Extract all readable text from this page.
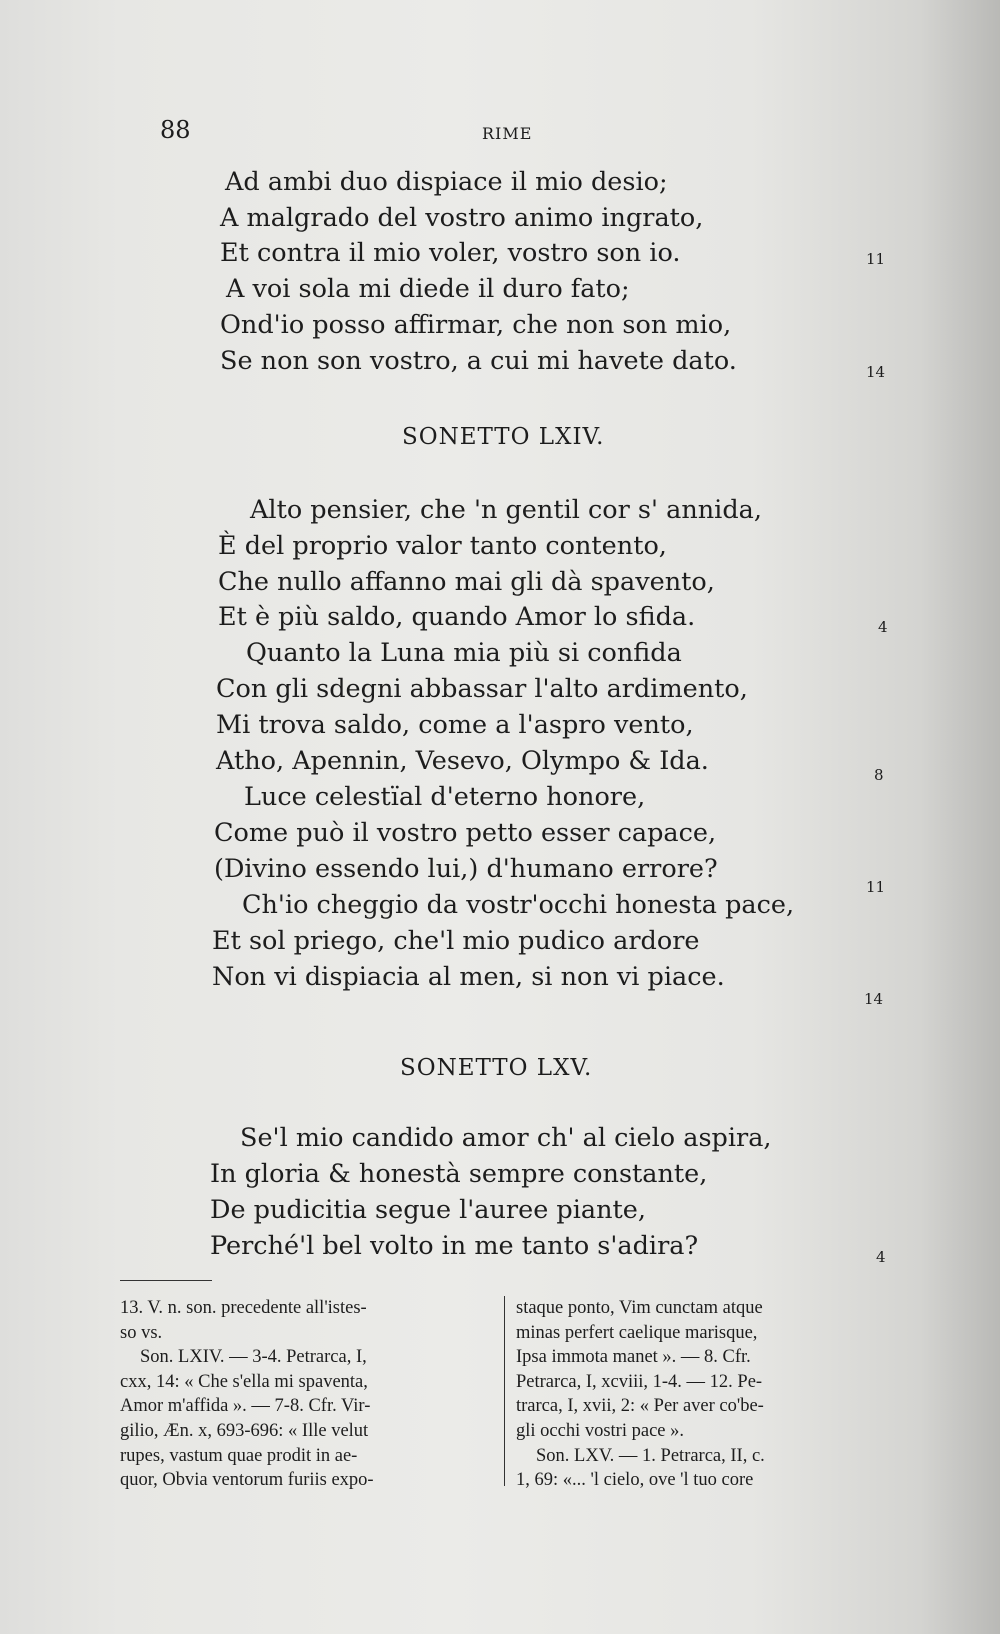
88	RIME
Ad ambi duo dispiace il mio desio;
A malgrado del vostro animo ingrato,
Et contra il mio voler, vostro son io.
A voi sola mi diede il duro fato;
Ond'io posso affirmar, che non son mio,
Se non son vostro, a cui mi havete dato.
11
14
SONETTO LXIV.
Alto pensier, che 'n gentil cor s' annida,
È del proprio valor tanto contento,
Che nullo affanno mai gli dà spavento,
Et è più saldo, quando Amor lo sfida.
Quanto la Luna mia più si confida
Con gli sdegni abbassar l'alto ardimento,
Mi trova saldo, come a l'aspro vento,
Atho, Apennin, Vesevo, Olympo & Ida.
Luce celestïal d'eterno honore,
Come può il vostro petto esser capace,
(Divino essendo lui,) d'humano errore?
Ch'io cheggio da vostr'occhi honesta pace,
Et sol priego, che'l mio pudico ardore
Non vi dispiacia al men, si non vi piace.
4
8
11
14
SONETTO LXV.
Se'l mio candido amor ch' al cielo aspira,
In gloria & honestà sempre constante,
De pudicitia segue l'auree piante,
Perché'l bel volto in me tanto s'adira?	4
13. V. n. son. precedente all'istes-
so vs.
Son. LXIV. — 3-4. Petrarca, I,
cxx, 14: « Che s'ella mi spaventa,
Amor m'affida ». — 7-8. Cfr. Vir-
gilio, Æn. x, 693-696: « Ille velut
rupes, vastum quae prodit in ae-
quor, Obvia ventorum furiis expo-
staque ponto, Vim cunctam atque
minas perfert caelique marisque,
Ipsa immota manet ». — 8. Cfr.
Petrarca, I, xcviii, 1-4. — 12. Pe-
trarca, I, xvii, 2: « Per aver co'be-
gli occhi vostri pace ».
Son. LXV. — 1. Petrarca, II, c.
1, 69: «... 'l cielo, ove 'l tuo core
